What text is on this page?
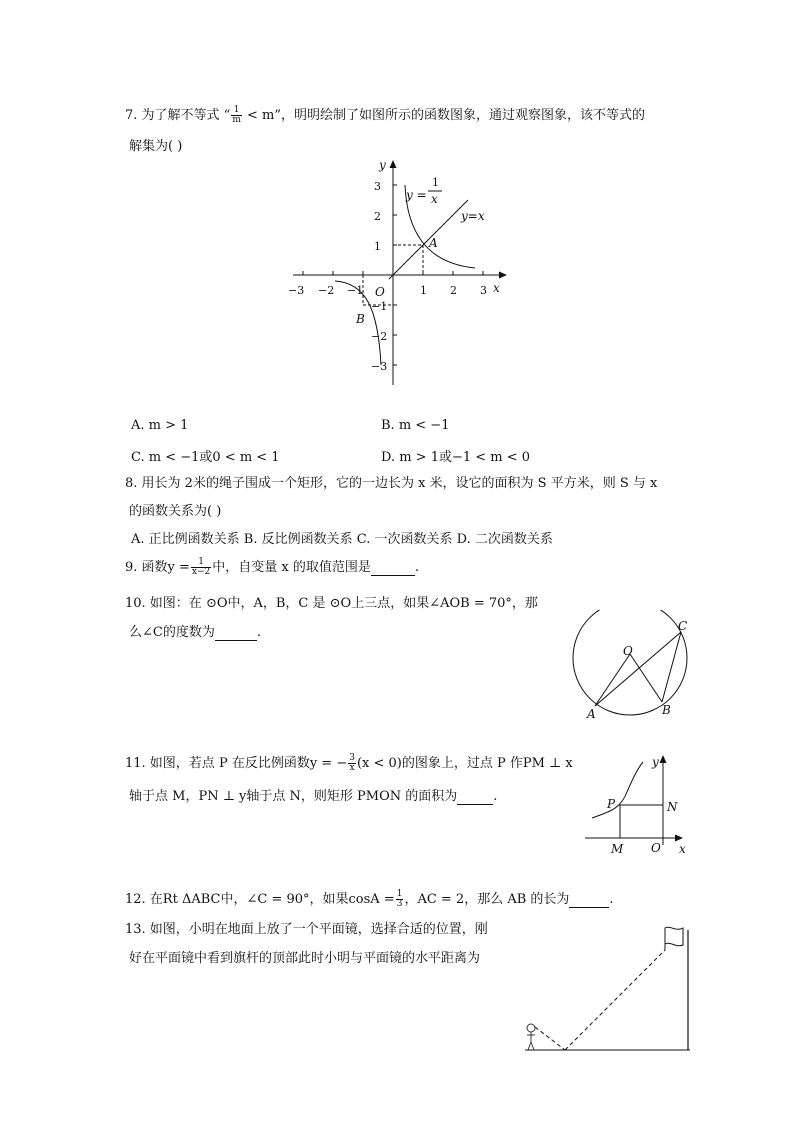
7. 为了解不等式 “ $\frac{1}{m} < m$”，明明绘制了如图所示的函数图象，通过观察图象，该不等式的
解集为( )
−3 −2 −1	1 2 3
3
2
1
−1
−2
−3
y
x
O
A
B
y=x
y =
1
x
A. m > 1	B. m < −1
C. m < −1或0 < m < 1	D. m > 1或−1 < m < 0
8. 用长为 2米的绳子围成一个矩形，它的一边长为 x 米，设它的面积为 S 平方米，则 S 与 x
的函数关系为( )
A. 正比例函数关系 B. 反比例函数关系 C. 一次函数关系 D. 二次函数关系
9. 函数$y = \frac{1}{x-2}$ 中，自变量 x 的取值范围是	.
10. 如图：在 ⊙O中，A，B，C 是 ⊙O上三点，如果∠AOB = 70°，那
么∠C的度数为	.
O
A	B
C
11. 如图，若点 P 在反比例函数y = − $\frac{3}{x} (x < 0)$的图象上，过点 P 作PM ⊥ x
轴于点 M，PN ⊥ y轴于点 N，则矩形 PMON 的面积为	.
y
x
P	N
M O
12. 在Rt ΔABC中，∠C = 90°，如果$\cos A = \frac{1}{3}$ ，AC = 2，那么 AB 的长为	.
13. 如图，小明在地面上放了一个平面镜，选择合适的位置，刚
好在平面镜中看到旗杆的顶部此时小明与平面镜的水平距离为
